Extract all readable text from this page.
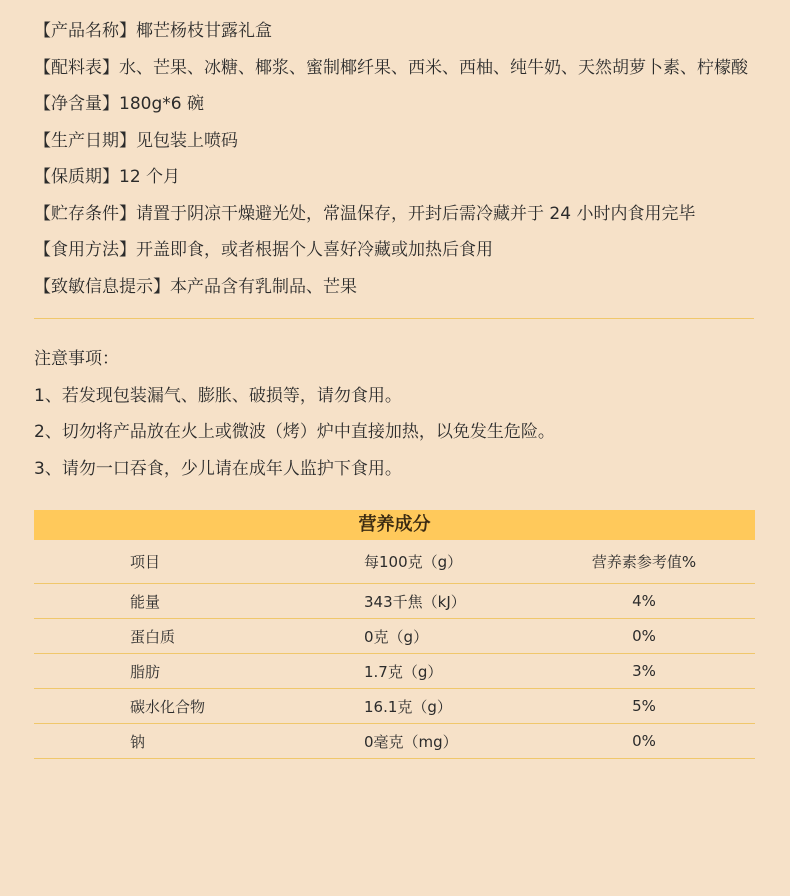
【产品名称】椰芒杨枝甘露礼盒
【配料表】水、芒果、冰糖、椰浆、蜜制椰纤果、西米、西柚、纯牛奶、天然胡萝卜素、柠檬酸
【净含量】180g*6 碗
【生产日期】见包装上喷码
【保质期】12 个月
【贮存条件】请置于阴凉干燥避光处，常温保存，开封后需冷藏并于 24 小时内食用完毕
【食用方法】开盖即食，或者根据个人喜好冷藏或加热后食用
【致敏信息提示】本产品含有乳制品、芒果
注意事项：
1、若发现包装漏气、膨胀、破损等，请勿食用。
2、切勿将产品放在火上或微波（烤）炉中直接加热，以免发生危险。
3、请勿一口吞食，少儿请在成年人监护下食用。
营养成分
项目	每100克（g）	营养素参考值%
能量	343千焦（kJ）	4%
蛋白质	0克（g）	0%
脂肪	1.7克（g）	3%
碳水化合物	16.1克（g）	5%
钠	0毫克（mg）	0%
